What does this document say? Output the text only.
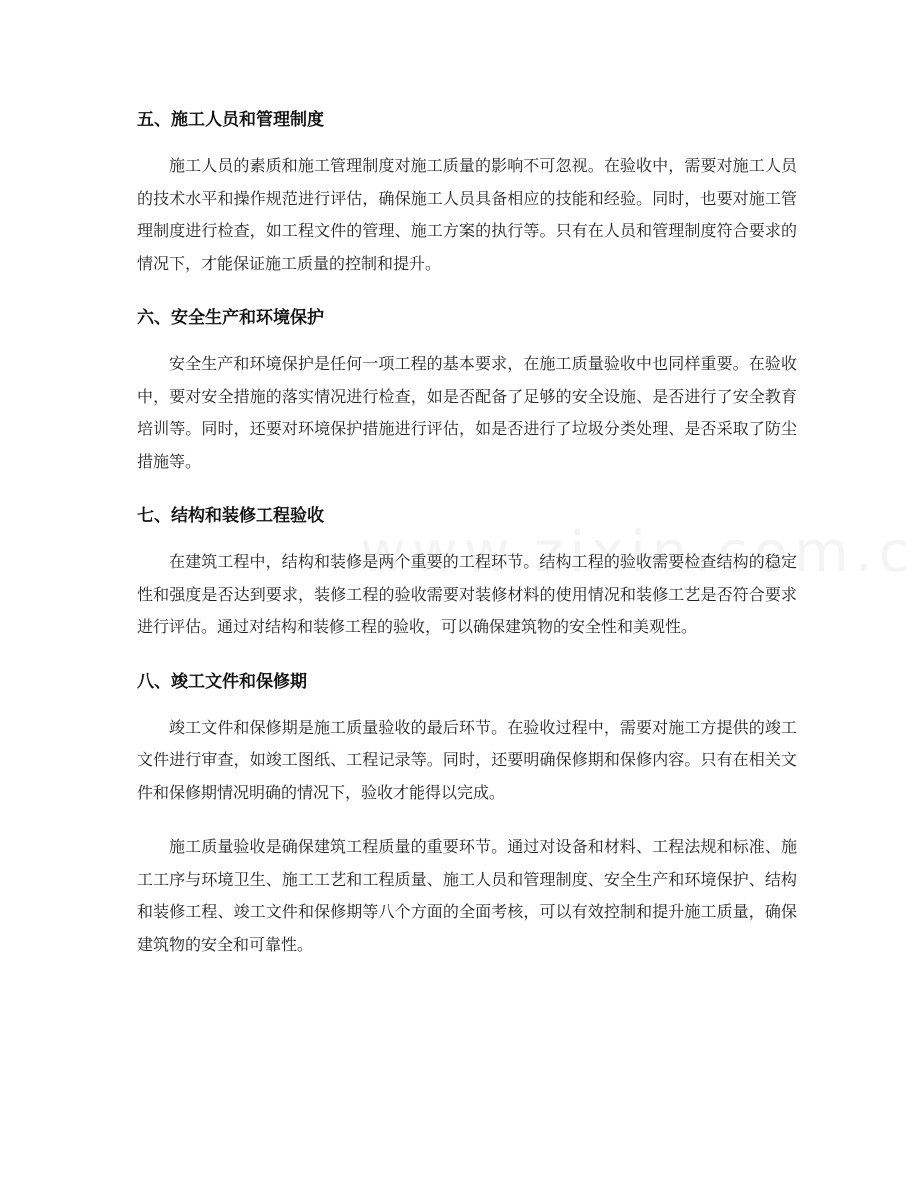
五、施工人员和管理制度

施工人员的素质和施工管理制度对施工质量的影响不可忽视。在验收中，需要对施工人员的技术水平和操作规范进行评估，确保施工人员具备相应的技能和经验。同时，也要对施工管理制度进行检查，如工程文件的管理、施工方案的执行等。只有在人员和管理制度符合要求的情况下，才能保证施工质量的控制和提升。

六、安全生产和环境保护

安全生产和环境保护是任何一项工程的基本要求，在施工质量验收中也同样重要。在验收中，要对安全措施的落实情况进行检查，如是否配备了足够的安全设施、是否进行了安全教育培训等。同时，还要对环境保护措施进行评估，如是否进行了垃圾分类处理、是否采取了防尘措施等。

七、结构和装修工程验收

在建筑工程中，结构和装修是两个重要的工程环节。结构工程的验收需要检查结构的稳定性和强度是否达到要求，装修工程的验收需要对装修材料的使用情况和装修工艺是否符合要求进行评估。通过对结构和装修工程的验收，可以确保建筑物的安全性和美观性。

八、竣工文件和保修期

竣工文件和保修期是施工质量验收的最后环节。在验收过程中，需要对施工方提供的竣工文件进行审查，如竣工图纸、工程记录等。同时，还要明确保修期和保修内容。只有在相关文件和保修期情况明确的情况下，验收才能得以完成。

施工质量验收是确保建筑工程质量的重要环节。通过对设备和材料、工程法规和标准、施工工序与环境卫生、施工工艺和工程质量、施工人员和管理制度、安全生产和环境保护、结构和装修工程、竣工文件和保修期等八个方面的全面考核，可以有效控制和提升施工质量，确保建筑物的安全和可靠性。
